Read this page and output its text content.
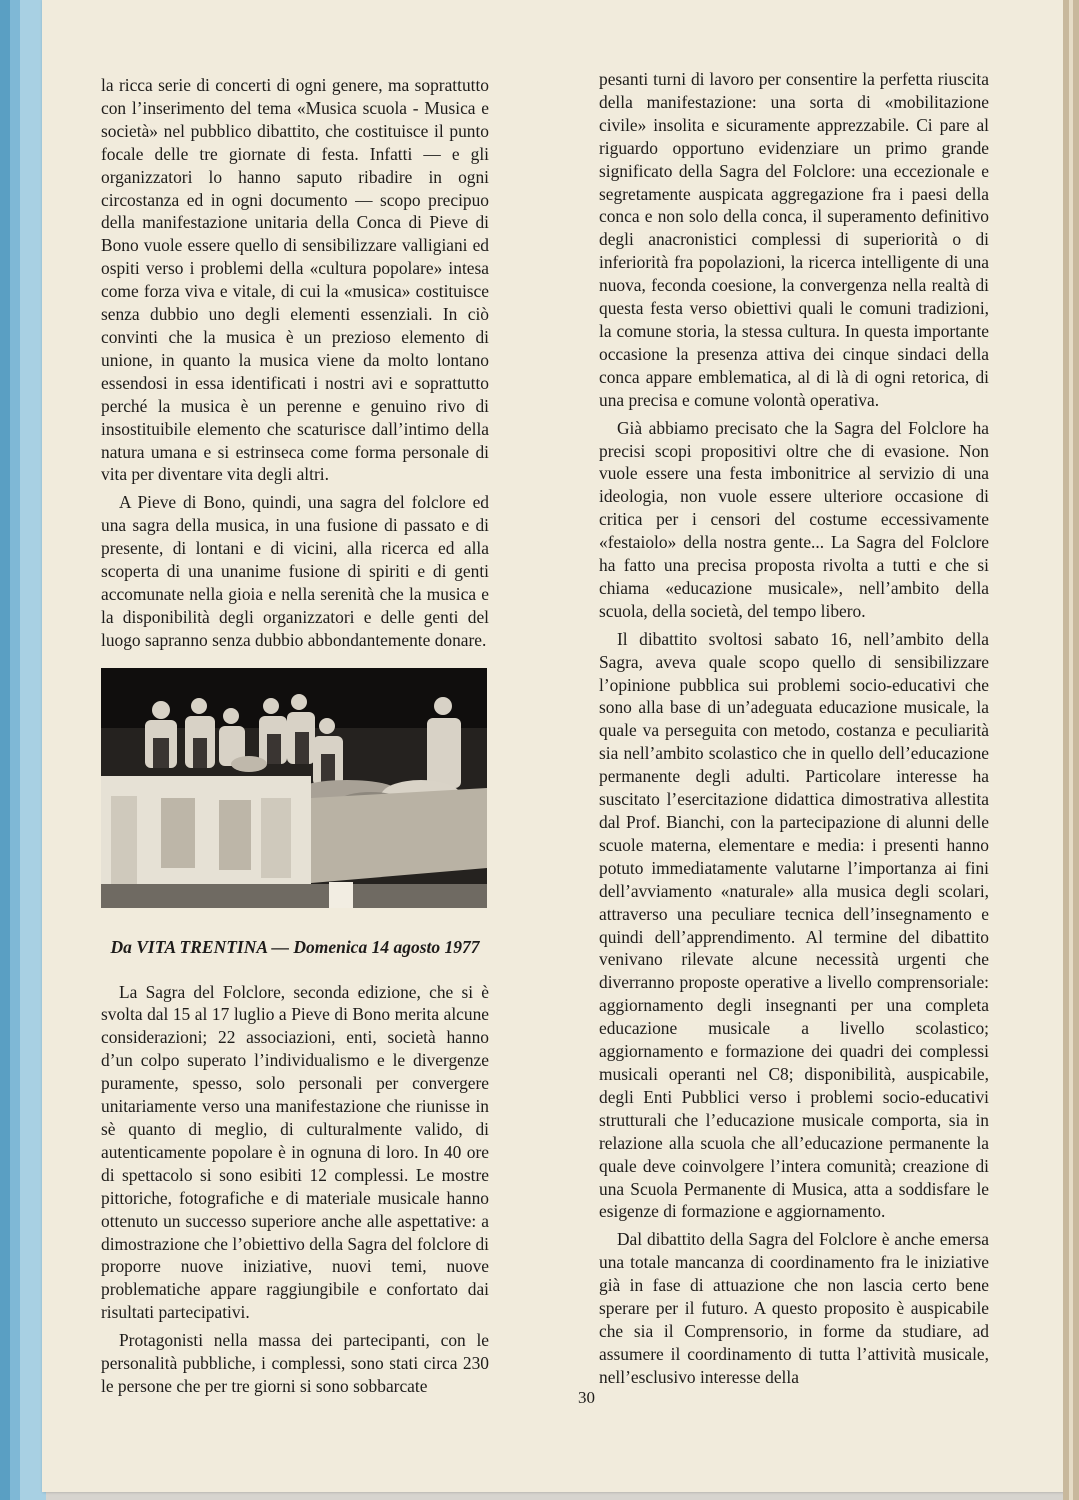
la ricca serie di concerti di ogni genere, ma soprattutto con l’inserimento del tema «Musica scuola - Musica e società» nel pubblico dibattito, che costituisce il punto focale delle tre giornate di festa. Infatti — e gli organizzatori lo hanno saputo ribadire in ogni circostanza ed in ogni documento — scopo precipuo della manifestazione unitaria della Conca di Pieve di Bono vuole essere quello di sensibilizzare valligiani ed ospiti verso i problemi della «cultura popolare» intesa come forza viva e vitale, di cui la «musica» costituisce senza dubbio uno degli elementi essenziali. In ciò convinti che la musica è un prezioso elemento di unione, in quanto la musica viene da molto lontano essendosi in essa identificati i nostri avi e soprattutto perché la musica è un perenne e genuino rivo di insostituibile elemento che scaturisce dall’intimo della natura umana e si estrinseca come forma personale di vita per diventare vita degli altri.

A Pieve di Bono, quindi, una sagra del folclore ed una sagra della musica, in una fusione di passato e di presente, di lontani e di vicini, alla ricerca ed alla scoperta di una unanime fusione di spiriti e di genti accomunate nella gioia e nella serenità che la musica e la disponibilità degli organizzatori e delle genti del luogo sapranno senza dubbio abbondantemente donare.

Da VITA TRENTINA — Domenica 14 agosto 1977

La Sagra del Folclore, seconda edizione, che si è svolta dal 15 al 17 luglio a Pieve di Bono merita alcune considerazioni; 22 associazioni, enti, società hanno d’un colpo superato l’individualismo e le divergenze puramente, spesso, solo personali per convergere unitariamente verso una manifestazione che riunisse in sè quanto di meglio, di culturalmente valido, di autenticamente popolare è in ognuna di loro. In 40 ore di spettacolo si sono esibiti 12 complessi. Le mostre pittoriche, fotografiche e di materiale musicale hanno ottenuto un successo superiore anche alle aspettative: a dimostrazione che l’obiettivo della Sagra del folclore di proporre nuove iniziative, nuovi temi, nuove problematiche appare raggiungibile e confortato dai risultati partecipativi.

Protagonisti nella massa dei partecipanti, con le personalità pubbliche, i complessi, sono stati circa 230 le persone che per tre giorni si sono sobbarcate

pesanti turni di lavoro per consentire la perfetta riuscita della manifestazione: una sorta di «mobilitazione civile» insolita e sicuramente apprezzabile. Ci pare al riguardo opportuno evidenziare un primo grande significato della Sagra del Folclore: una eccezionale e segretamente auspicata aggregazione fra i paesi della conca e non solo della conca, il superamento definitivo degli anacronistici complessi di superiorità o di inferiorità fra popolazioni, la ricerca intelligente di una nuova, feconda coesione, la convergenza nella realtà di questa festa verso obiettivi quali le comuni tradizioni, la comune storia, la stessa cultura. In questa importante occasione la presenza attiva dei cinque sindaci della conca appare emblematica, al di là di ogni retorica, di una precisa e comune volontà operativa.

Già abbiamo precisato che la Sagra del Folclore ha precisi scopi propositivi oltre che di evasione. Non vuole essere una festa imbonitrice al servizio di una ideologia, non vuole essere ulteriore occasione di critica per i censori del costume eccessivamente «festaiolo» della nostra gente... La Sagra del Folclore ha fatto una precisa proposta rivolta a tutti e che si chiama «educazione musicale», nell’ambito della scuola, della società, del tempo libero.

Il dibattito svoltosi sabato 16, nell’ambito della Sagra, aveva quale scopo quello di sensibilizzare l’opinione pubblica sui problemi socio-educativi che sono alla base di un’adeguata educazione musicale, la quale va perseguita con metodo, costanza e peculiarità sia nell’ambito scolastico che in quello dell’educazione permanente degli adulti. Particolare interesse ha suscitato l’esercitazione didattica dimostrativa allestita dal Prof. Bianchi, con la partecipazione di alunni delle scuole materna, elementare e media: i presenti hanno potuto immediatamente valutarne l’importanza ai fini dell’avviamento «naturale» alla musica degli scolari, attraverso una peculiare tecnica dell’insegnamento e quindi dell’apprendimento. Al termine del dibattito venivano rilevate alcune necessità urgenti che diverranno proposte operative a livello comprensoriale: aggiornamento degli insegnanti per una completa educazione musicale a livello scolastico; aggiornamento e formazione dei quadri dei complessi musicali operanti nel C8; disponibilità, auspicabile, degli Enti Pubblici verso i problemi socio-educativi strutturali che l’educazione musicale comporta, sia in relazione alla scuola che all’educazione permanente la quale deve coinvolgere l’intera comunità; creazione di una Scuola Permanente di Musica, atta a soddisfare le esigenze di formazione e aggiornamento.

Dal dibattito della Sagra del Folclore è anche emersa una totale mancanza di coordinamento fra le iniziative già in fase di attuazione che non lascia certo bene sperare per il futuro. A questo proposito è auspicabile che sia il Comprensorio, in forme da studiare, ad assumere il coordinamento di tutta l’attività musicale, nell’esclusivo interesse della

30
